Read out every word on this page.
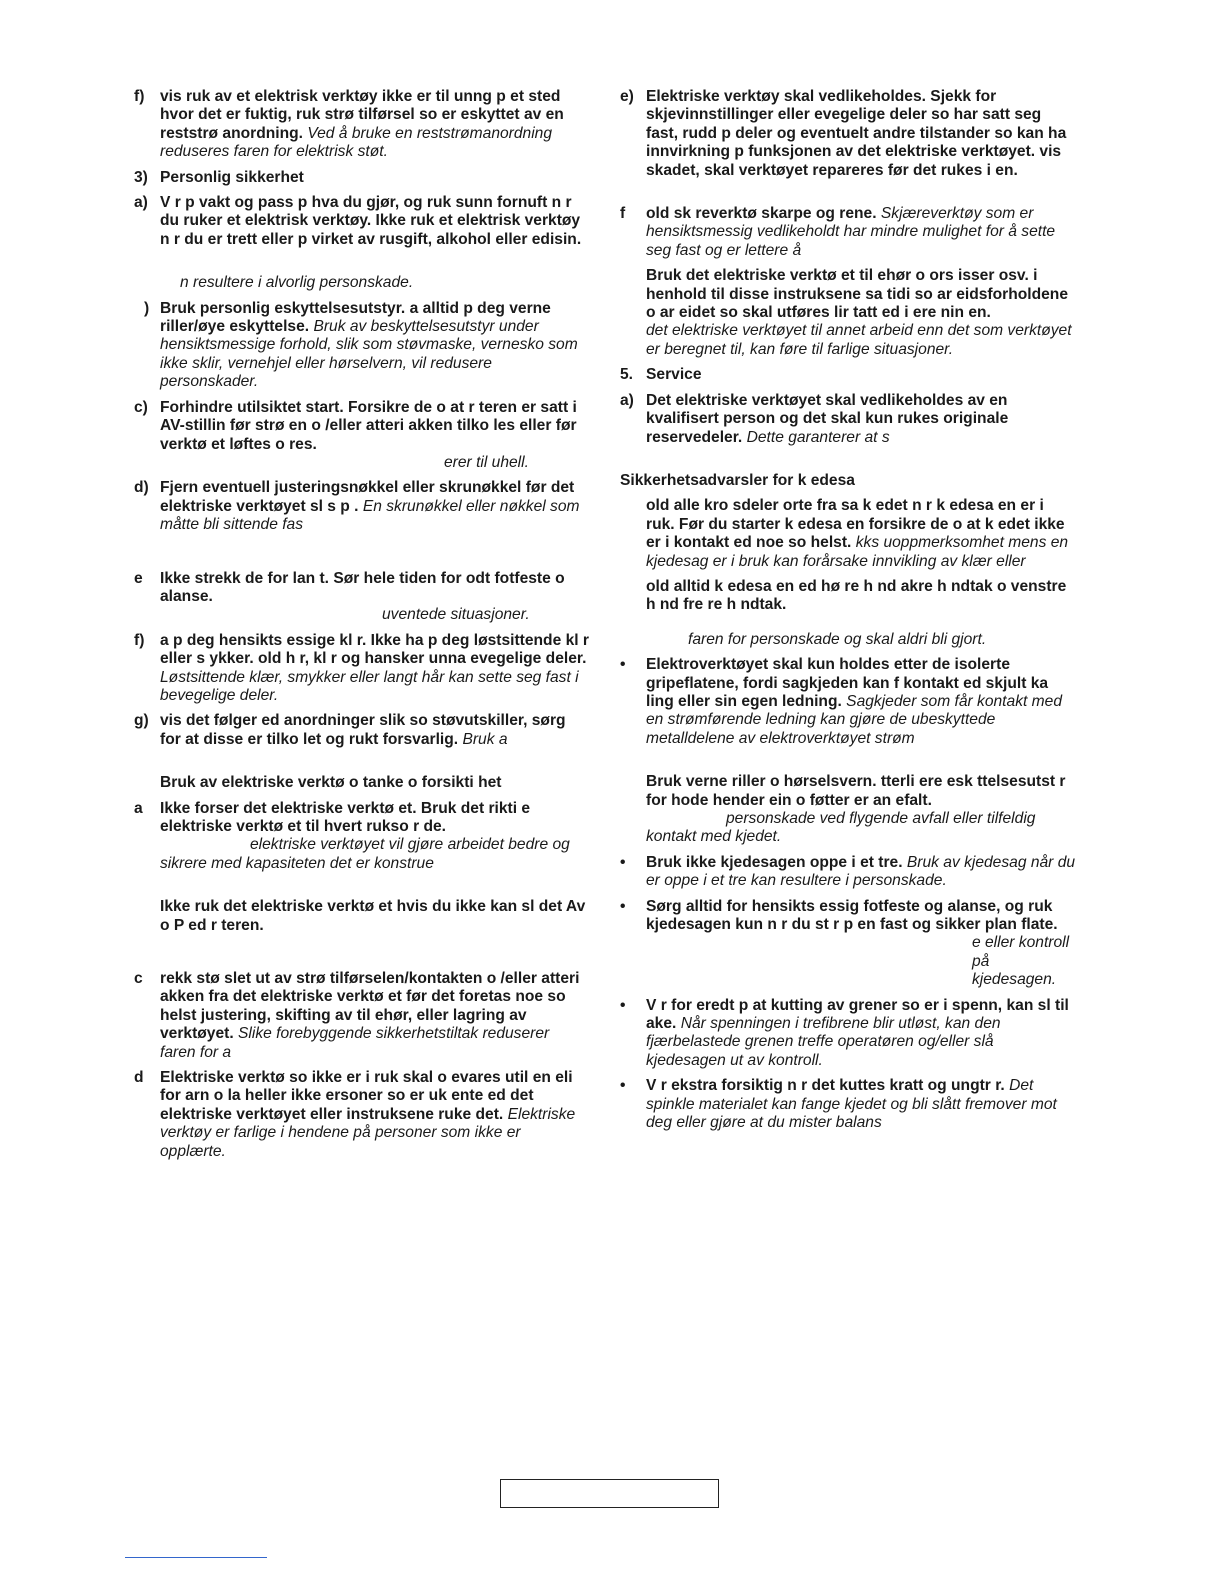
f)	vis ruk av et elektrisk verktøy ikke er til unng p et sted hvor det er fuktig, ruk strø tilførsel so er eskyttet av en reststrø anordning. Ved å bruke en reststrømanordning reduseres faren for elektrisk støt.
3) Personlig sikkerhet
a) V r p vakt og pass p hva du gjør, og ruk sunn fornuft n r du ruker et elektrisk verktøy. Ikke ruk et elektrisk verktøy n r du er trett eller p virket av rusgift, alkohol eller edisin.
n resultere i alvorlig personskade.
) Bruk personlig eskyttelsesutstyr. a alltid p deg verne riller/øye eskyttelse. Bruk av beskyttelsesutstyr under hensiktsmessige forhold, slik som støvmaske, vernesko som ikke sklir, vernehjel eller hørselvern, vil redusere personskader.
c) Forhindre utilsiktet start. Forsikre de o at r teren er satt i AV-stillin før strø en o /eller atteri akken tilko les eller før verktø et løftes o res.
erer til uhell.
d) Fjern eventuell justeringsnøkkel eller skrunøkkel før det elektriske verktøyet sl s p . En skrunøkkel eller nøkkel som måtte bli sittende fas
e	Ikke strekk de for lan t. Sør hele tiden for odt fotfeste o alanse.
uventede situasjoner.
f)	a p deg hensikts essige kl r. Ikke ha p deg løstsittende kl r eller s ykker. old h r, kl r og hansker unna evegelige deler. Løstsittende klær, smykker eller langt hår kan sette seg fast i bevegelige deler.
g) vis det følger ed anordninger slik so støvutskiller, sørg for at disse er tilko let og rukt forsvarlig. Bruk a
Bruk av elektriske verktø o tanke o forsikti het
a	Ikke forser det elektriske verktø et. Bruk det rikti e elektriske verktø et til hvert rukso r de. elektriske verktøyet vil gjøre arbeidet bedre og sikrere med kapasiteten det er konstrue
Ikke ruk det elektriske verktø et hvis du ikke kan sl det Av o P ed r teren.
c	rekk stø slet ut av strø tilførselen/kontakten o /eller atteri akken fra det elektriske verktø et før det foretas noe so helst justering, skifting av til ehør, eller lagring av verktøyet. Slike forebyggende sikkerhetstiltak reduserer faren for a
d	Elektriske verktø so ikke er i ruk skal o evares util en eli for arn o la heller ikke ersoner so er uk ente ed det elektriske verktøyet eller instruksene ruke det. Elektriske verktøy er farlige i hendene på personer som ikke er opplærte.
e) Elektriske verktøy skal vedlikeholdes. Sjekk for skjevinnstillinger eller evegelige deler so har satt seg fast, rudd p deler og eventuelt andre tilstander so kan ha innvirkning p funksjonen av det elektriske verktøyet. vis skadet, skal verktøyet repareres før det rukes i en.
f	old sk reverktø skarpe og rene. Skjæreverktøy som er hensiktsmessig vedlikeholdt har mindre mulighet for å sette seg fast og er lettere å
Bruk det elektriske verktø et til ehør o ors isser osv. i henhold til disse instruksene sa tidi so ar eidsforholdene o ar eidet so skal utføres lir tatt ed i ere nin en.
det elektriske verktøyet til annet arbeid enn det som verktøyet er beregnet til, kan føre til farlige situasjoner.
5. Service
a) Det elektriske verktøyet skal vedlikeholdes av en kvalifisert person og det skal kun rukes originale reservedeler. Dette garanterer at s
Sikkerhetsadvarsler for k edesa
old alle kro sdeler orte fra sa k edet n r k edesa en er i ruk. Før du starter k edesa en forsikre de o at k edet ikke er i kontakt ed noe so helst. kks uoppmerksomhet mens en kjedesag er i bruk kan forårsake innvikling av klær eller
old alltid k edesa en ed hø re h nd akre h ndtak o venstre h nd fre re h ndtak.
faren for personskade og skal aldri bli gjort.
•	Elektroverktøyet skal kun holdes etter de isolerte gripeflatene, fordi sagkjeden kan f kontakt ed skjult ka ling eller sin egen ledning. Sagkjeder som får kontakt med en strømførende ledning kan gjøre de ubeskyttede metalldelene av elektroverktøyet strøm
Bruk verne riller o hørselsvern. tterli ere esk ttelsesutst r for hode hender ein o føtter er an efalt. personskade ved flygende avfall eller tilfeldig kontakt med kjedet.
•	Bruk ikke kjedesagen oppe i et tre. Bruk av kjedesag når du er oppe i et tre kan resultere i personskade.
•	Sørg alltid for hensikts essig fotfeste og alanse, og ruk kjedesagen kun n r du st r p en fast og sikker plan flate.
e eller kontroll på kjedesagen.
•	V r for eredt p at kutting av grener so er i spenn, kan sl til ake. Når spenningen i trefibrene blir utløst, kan den fjærbelastede grenen treffe operatøren og/eller slå kjedesagen ut av kontroll.
•	V r ekstra forsiktig n r det kuttes kratt og ungtr r. Det spinkle materialet kan fange kjedet og bli slått fremover mot deg eller gjøre at du mister balans
